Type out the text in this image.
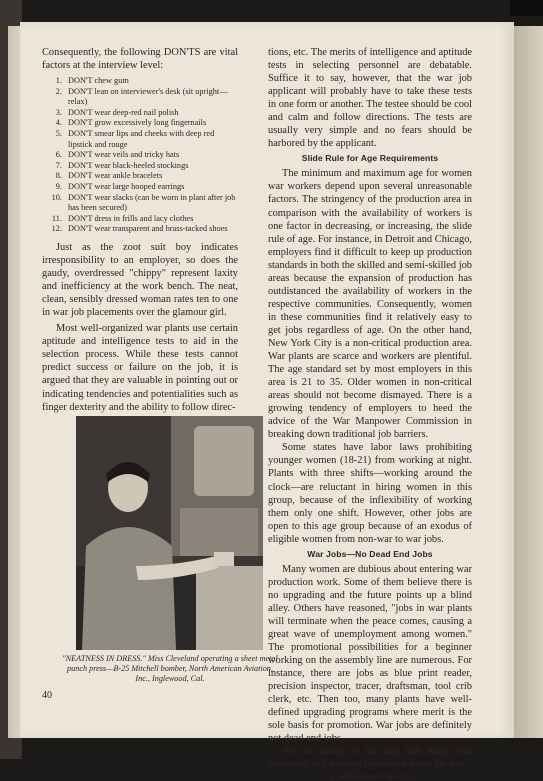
Consequently, the following DON'TS are vital factors at the interview level:

1. DON'T chew gum
2. DON'T lean on interviewer's desk (sit upright—relax)
3. DON'T wear deep-red nail polish
4. DON'T grow excessively long fingernails
5. DON'T smear lips and cheeks with deep red lipstick and rouge
6. DON'T wear veils and tricky hats
7. DON'T wear black-heeled stockings
8. DON'T wear ankle bracelets
9. DON'T wear large hooped earrings
10. DON'T wear slacks (can be worn in plant after job has been secured)
11. DON'T dress in frills and lacy clothes
12. DON'T wear transparent and brass-tacked shoes

Just as the zoot suit boy indicates irresponsibility to an employer, so does the gaudy, overdressed "chippy" represent laxity and inefficiency at the work bench. The neat, clean, sensibly dressed woman rates ten to one in war job placements over the glamour girl.

Most well-organized war plants use certain aptitude and intelligence tests to aid in the selection process. While these tests cannot predict success or failure on the job, it is argued that they are valuable in pointing out or indicating tendencies and potentialities such as finger dexterity and the ability to follow direc-

"NEATNESS IN DRESS." Miss Cleveland operating a sheet metal punch press—B-25 Mitchell bomber, North American Aviation, Inc., Inglewood, Cal.
40

tions, etc. The merits of intelligence and aptitude tests in selecting personnel are debatable. Suffice it to say, however, that the war job applicant will probably have to take these tests in one form or another. The testee should be cool and calm and follow directions. The tests are usually very simple and no fears should be harbored by the applicant.

Slide Rule for Age Requirements

The minimum and maximum age for women war workers depend upon several unreasonable factors. The stringency of the production area in comparison with the availability of workers is one factor in decreasing, or increasing, the slide rule of age. For instance, in Detroit and Chicago, employers find it difficult to keep up production standards in both the skilled and semi-skilled job areas because the expansion of production has outdistanced the availability of workers in the respective communities. Consequently, women in these communities find it relatively easy to get jobs regardless of age. On the other hand, New York City is a non-critical production area. War plants are scarce and workers are plentiful. The age standard set by most employers in this area is 21 to 35. Older women in non-critical areas should not become dismayed. There is a growing tendency of employers to heed the advice of the War Manpower Commission in breaking down traditional job barriers.

Some states have labor laws prohibiting younger women (18-21) from working at night. Plants with three shifts—working around the clock—are reluctant in hiring women in this group, because of the inflexibility of working them only one shift. However, other jobs are open to this age group because of an exodus of eligible women from non-war to war jobs.

War Jobs—No Dead End Jobs

Many women are dubious about entering war production work. Some of them believe there is no upgrading and the future points up a blind alley. Others have reasoned, "jobs in war plants will terminate when the peace comes, causing a great wave of unemployment among women." The promotional possibilities for a beginner working on the assembly line are numerous. For instance, there are jobs as blue print reader, precision inspector, tracer, draftsman, tool crib clerk, etc. Then too, many plants have well-defined upgrading programs where merit is the sole basis for promotion. War jobs are definitely not dead end jobs.

We are aware of the fact that many war industries will become liquidated when the war

(Continued on Page 91)
